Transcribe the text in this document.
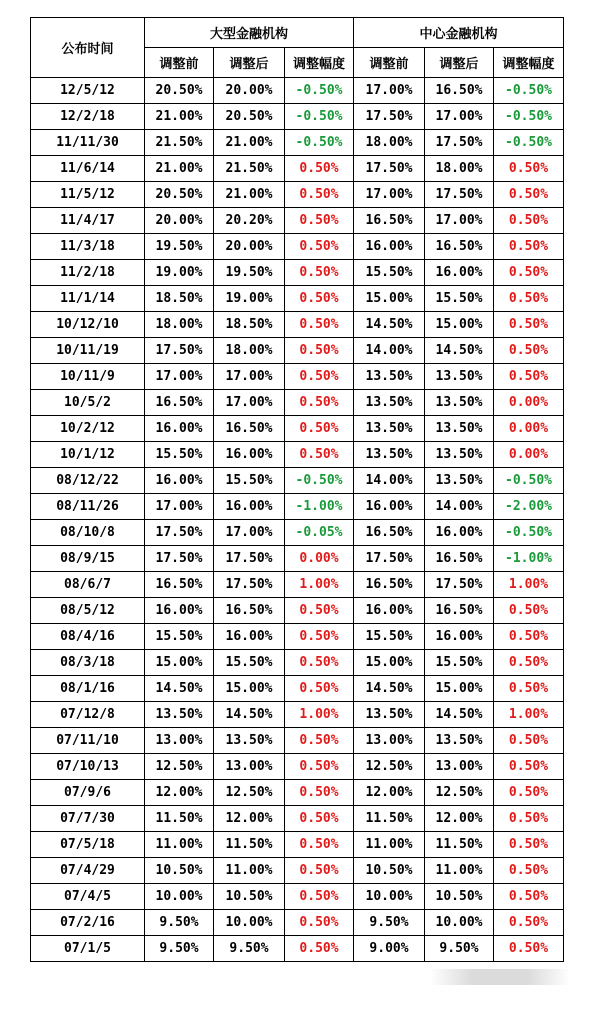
公布时间	大型金融机构			中心金融机构		
	调整前	调整后	调整幅度	调整前	调整后	调整幅度
12/5/12	20.50%	20.00%	-0.50%	17.00%	16.50%	-0.50%
12/2/18	21.00%	20.50%	-0.50%	17.50%	17.00%	-0.50%
11/11/30	21.50%	21.00%	-0.50%	18.00%	17.50%	-0.50%
11/6/14	21.00%	21.50%	0.50%	17.50%	18.00%	0.50%
11/5/12	20.50%	21.00%	0.50%	17.00%	17.50%	0.50%
11/4/17	20.00%	20.20%	0.50%	16.50%	17.00%	0.50%
11/3/18	19.50%	20.00%	0.50%	16.00%	16.50%	0.50%
11/2/18	19.00%	19.50%	0.50%	15.50%	16.00%	0.50%
11/1/14	18.50%	19.00%	0.50%	15.00%	15.50%	0.50%
10/12/10	18.00%	18.50%	0.50%	14.50%	15.00%	0.50%
10/11/19	17.50%	18.00%	0.50%	14.00%	14.50%	0.50%
10/11/9	17.00%	17.00%	0.50%	13.50%	13.50%	0.50%
10/5/2	16.50%	17.00%	0.50%	13.50%	13.50%	0.00%
10/2/12	16.00%	16.50%	0.50%	13.50%	13.50%	0.00%
10/1/12	15.50%	16.00%	0.50%	13.50%	13.50%	0.00%
08/12/22	16.00%	15.50%	-0.50%	14.00%	13.50%	-0.50%
08/11/26	17.00%	16.00%	-1.00%	16.00%	14.00%	-2.00%
08/10/8	17.50%	17.00%	-0.05%	16.50%	16.00%	-0.50%
08/9/15	17.50%	17.50%	0.00%	17.50%	16.50%	-1.00%
08/6/7	16.50%	17.50%	1.00%	16.50%	17.50%	1.00%
08/5/12	16.00%	16.50%	0.50%	16.00%	16.50%	0.50%
08/4/16	15.50%	16.00%	0.50%	15.50%	16.00%	0.50%
08/3/18	15.00%	15.50%	0.50%	15.00%	15.50%	0.50%
08/1/16	14.50%	15.00%	0.50%	14.50%	15.00%	0.50%
07/12/8	13.50%	14.50%	1.00%	13.50%	14.50%	1.00%
07/11/10	13.00%	13.50%	0.50%	13.00%	13.50%	0.50%
07/10/13	12.50%	13.00%	0.50%	12.50%	13.00%	0.50%
07/9/6	12.00%	12.50%	0.50%	12.00%	12.50%	0.50%
07/7/30	11.50%	12.00%	0.50%	11.50%	12.00%	0.50%
07/5/18	11.00%	11.50%	0.50%	11.00%	11.50%	0.50%
07/4/29	10.50%	11.00%	0.50%	10.50%	11.00%	0.50%
07/4/5	10.00%	10.50%	0.50%	10.00%	10.50%	0.50%
07/2/16	9.50%	10.00%	0.50%	9.50%	10.00%	0.50%
07/1/5	9.50%	9.50%	0.50%	9.00%	9.50%	0.50%
